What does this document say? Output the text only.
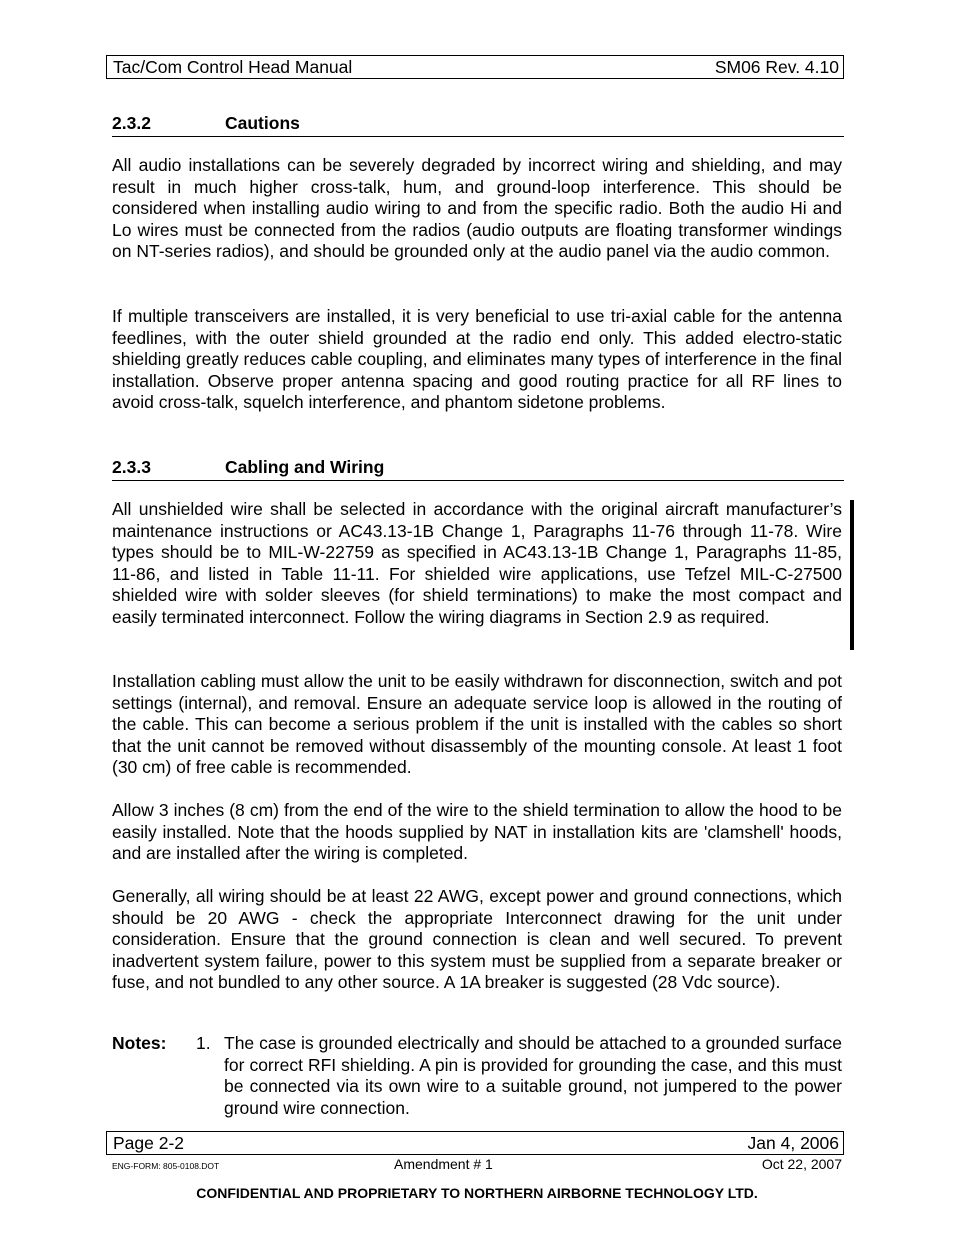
Tac/Com Control Head Manual	SM06 Rev. 4.10
2.3.2	Cautions

All audio installations can be severely degraded by incorrect wiring and shielding, and may result in much higher cross-talk, hum, and ground-loop interference. This should be considered when installing audio wiring to and from the specific radio. Both the audio Hi and Lo wires must be connected from the radios (audio outputs are floating transformer windings on NT-series radios), and should be grounded only at the audio panel via the audio common.

If multiple transceivers are installed, it is very beneficial to use tri-axial cable for the antenna feedlines, with the outer shield grounded at the radio end only. This added electro-static shielding greatly reduces cable coupling, and eliminates many types of interference in the final installation. Observe proper antenna spacing and good routing practice for all RF lines to avoid cross-talk, squelch interference, and phantom sidetone problems.

2.3.3	Cabling and Wiring

All unshielded wire shall be selected in accordance with the original aircraft manufacturer’s maintenance instructions or AC43.13-1B Change 1, Paragraphs 11-76 through 11-78. Wire types should be to MIL-W-22759 as specified in AC43.13-1B Change 1, Paragraphs 11-85, 11-86, and listed in Table 11-11. For shielded wire applications, use Tefzel MIL-C-27500 shielded wire with solder sleeves (for shield terminations) to make the most compact and easily terminated interconnect. Follow the wiring diagrams in Section 2.9 as required.

Installation cabling must allow the unit to be easily withdrawn for disconnection, switch and pot settings (internal), and removal. Ensure an adequate service loop is allowed in the routing of the cable. This can become a serious problem if the unit is installed with the cables so short that the unit cannot be removed without disassembly of the mounting console. At least 1 foot (30 cm) of free cable is recommended.

Allow 3 inches (8 cm) from the end of the wire to the shield termination to allow the hood to be easily installed. Note that the hoods supplied by NAT in installation kits are 'clamshell' hoods, and are installed after the wiring is completed.

Generally, all wiring should be at least 22 AWG, except power and ground connections, which should be 20 AWG - check the appropriate Interconnect drawing for the unit under consideration. Ensure that the ground connection is clean and well secured. To prevent inadvertent system failure, power to this system must be supplied from a separate breaker or fuse, and not bundled to any other source. A 1A breaker is suggested (28 Vdc source).

Notes: 1. The case is grounded electrically and should be attached to a grounded surface for correct RFI shielding. A pin is provided for grounding the case, and this must be connected via its own wire to a suitable ground, not jumpered to the power ground wire connection.

Page 2-2	Jan 4, 2006
ENG-FORM: 805-0108.DOT	Amendment # 1	Oct 22, 2007
CONFIDENTIAL AND PROPRIETARY TO NORTHERN AIRBORNE TECHNOLOGY LTD.
